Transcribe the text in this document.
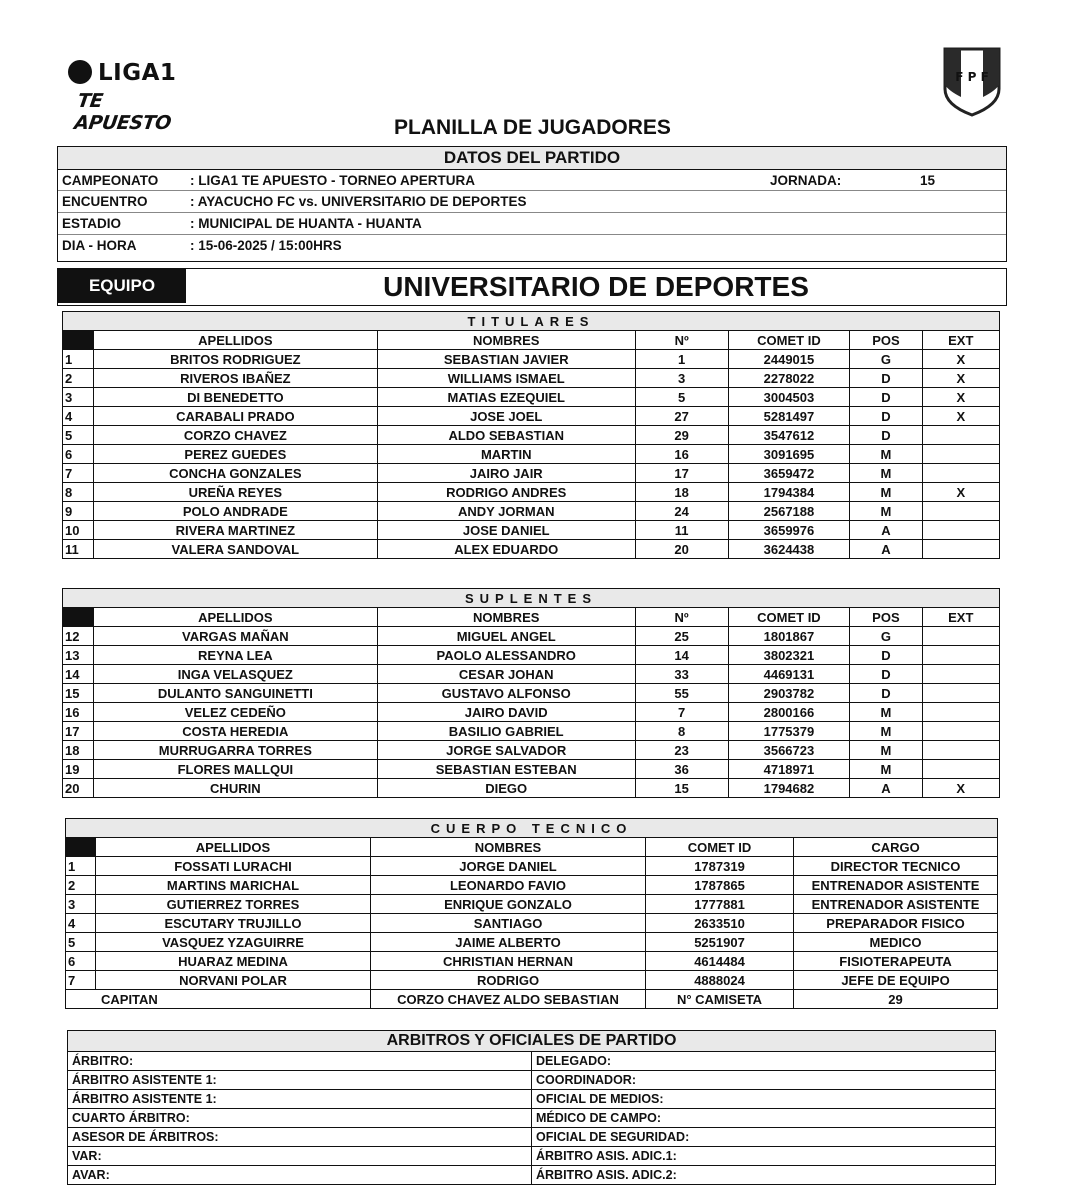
LIGA1
TE APUESTO
F P F
PLANILLA DE JUGADORES
DATOS DEL PARTIDO			
CAMPEONATO	: LIGA1 TE APUESTO - TORNEO APERTURA	JORNADA:	15
ENCUENTRO	: AYACUCHO FC vs. UNIVERSITARIO DE DEPORTES		
ESTADIO	: MUNICIPAL DE HUANTA - HUANTA		
DIA - HORA	: 15-06-2025 / 15:00HRS		
EQUIPO	UNIVERSITARIO DE DEPORTES
TITULARES						
	APELLIDOS	NOMBRES	Nº	COMET ID	POS	EXT
1	BRITOS RODRIGUEZ	SEBASTIAN JAVIER	1	2449015	G	X
2	RIVEROS IBAÑEZ	WILLIAMS ISMAEL	3	2278022	D	X
3	DI BENEDETTO	MATIAS EZEQUIEL	5	3004503	D	X
4	CARABALI PRADO	JOSE JOEL	27	5281497	D	X
5	CORZO CHAVEZ	ALDO SEBASTIAN	29	3547612	D	
6	PEREZ GUEDES	MARTIN	16	3091695	M	
7	CONCHA GONZALES	JAIRO JAIR	17	3659472	M	
8	UREÑA REYES	RODRIGO ANDRES	18	1794384	M	X
9	POLO ANDRADE	ANDY JORMAN	24	2567188	M	
10	RIVERA MARTINEZ	JOSE DANIEL	11	3659976	A	
11	VALERA SANDOVAL	ALEX EDUARDO	20	3624438	A	
SUPLENTES						
	APELLIDOS	NOMBRES	Nº	COMET ID	POS	EXT
12	VARGAS MAÑAN	MIGUEL ANGEL	25	1801867	G	
13	REYNA LEA	PAOLO ALESSANDRO	14	3802321	D	
14	INGA VELASQUEZ	CESAR JOHAN	33	4469131	D	
15	DULANTO SANGUINETTI	GUSTAVO ALFONSO	55	2903782	D	
16	VELEZ CEDEÑO	JAIRO DAVID	7	2800166	M	
17	COSTA HEREDIA	BASILIO GABRIEL	8	1775379	M	
18	MURRUGARRA TORRES	JORGE SALVADOR	23	3566723	M	
19	FLORES MALLQUI	SEBASTIAN ESTEBAN	36	4718971	M	
20	CHURIN	DIEGO	15	1794682	A	X
CUERPO TECNICO				
	APELLIDOS	NOMBRES	COMET ID	CARGO
1	FOSSATI LURACHI	JORGE DANIEL	1787319	DIRECTOR TECNICO
2	MARTINS MARICHAL	LEONARDO FAVIO	1787865	ENTRENADOR ASISTENTE
3	GUTIERREZ TORRES	ENRIQUE GONZALO	1777881	ENTRENADOR ASISTENTE
4	ESCUTARY TRUJILLO	SANTIAGO	2633510	PREPARADOR FISICO
5	VASQUEZ YZAGUIRRE	JAIME ALBERTO	5251907	MEDICO
6	HUARAZ MEDINA	CHRISTIAN HERNAN	4614484	FISIOTERAPEUTA
7	NORVANI POLAR	RODRIGO	4888024	JEFE DE EQUIPO
CAPITAN		CORZO CHAVEZ ALDO SEBASTIAN	N° CAMISETA	29
ARBITROS Y OFICIALES DE PARTIDO	
ÁRBITRO:	DELEGADO:
ÁRBITRO ASISTENTE 1:	COORDINADOR:
ÁRBITRO ASISTENTE 1:	OFICIAL DE MEDIOS:
CUARTO ÁRBITRO:	MÉDICO DE CAMPO:
ASESOR DE ÁRBITROS:	OFICIAL DE SEGURIDAD:
VAR:	ÁRBITRO ASIS. ADIC.1:
AVAR:	ÁRBITRO ASIS. ADIC.2:
